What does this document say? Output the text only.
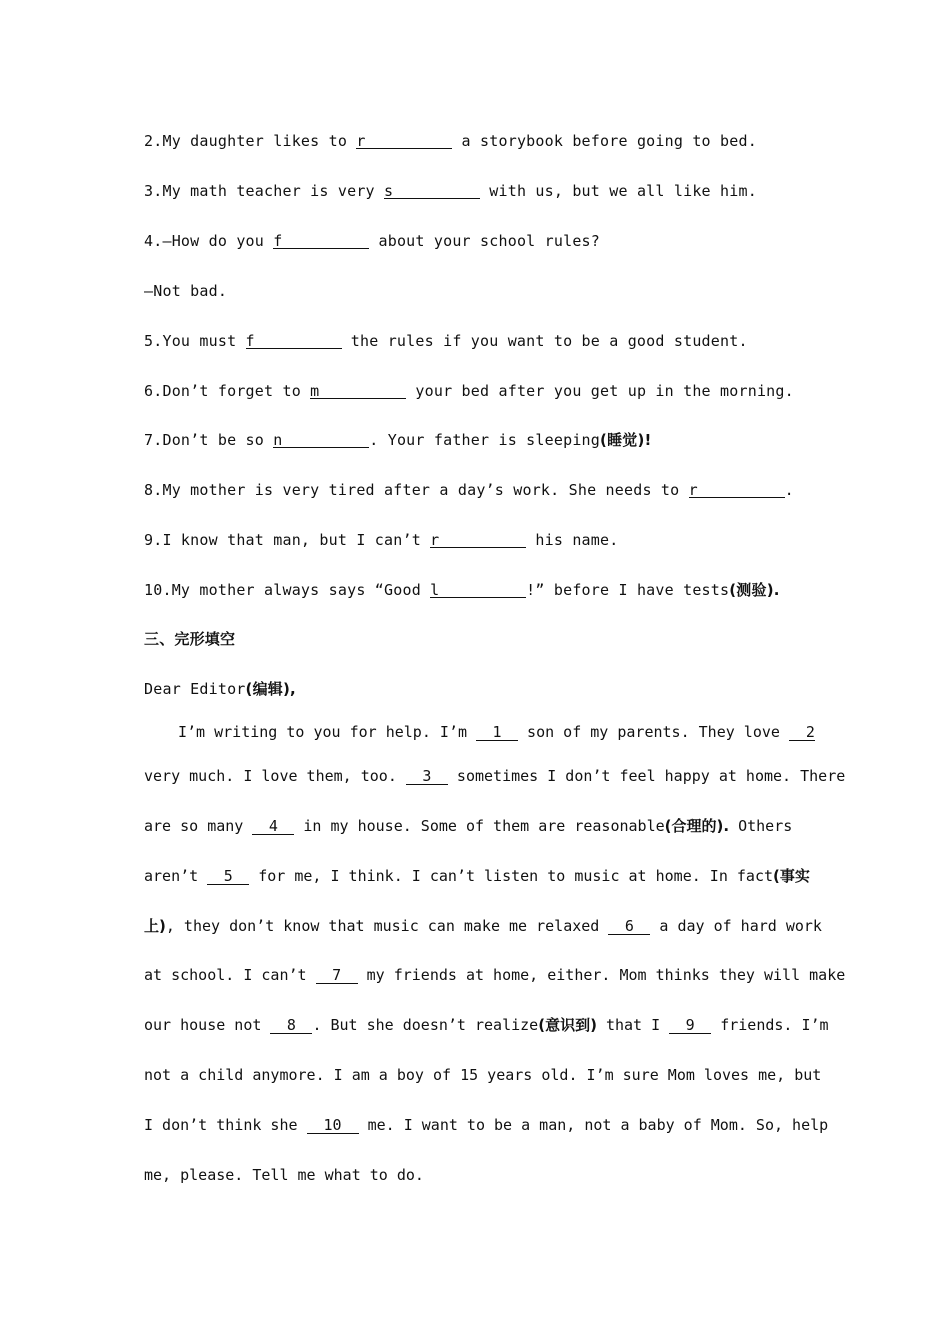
2.My daughter likes to r	a storybook before going to bed.
3.My math teacher is very s	with us, but we all like him.
4.—How do you f	about your school rules?
—Not bad.
5.You must f	the rules if you want to be a good student.
6.Don’t forget to m	your bed after you get up in the morning.
7.Don’t be so n	. Your father is sleeping(睡觉)!
8.My mother is very tired after a day’s work. She needs to r	.
9.I know that man, but I can’t r	his name.
10.My mother always says “Good l	!” before I have tests(测验).
三、完形填空
Dear Editor(编辑),
I’m writing to you for help. I’m 1 son of my parents. They love 2
very much. I love them, too. 3 sometimes I don’t feel happy at home. There
are so many 4 in my house. Some of them are reasonable(合理的). Others
aren’t 5 for me, I think. I can’t listen to music at home. In fact(事实
上), they don’t know that music can make me relaxed 6 a day of hard work
at school. I can’t 7 my friends at home, either. Mom thinks they will make
our house not 8 . But she doesn’t realize(意识到) that I 9 friends. I’m
not a child anymore. I am a boy of 15 years old. I’m sure Mom loves me, but
I don’t think she 10 me. I want to be a man, not a baby of Mom. So, help
me, please. Tell me what to do.
